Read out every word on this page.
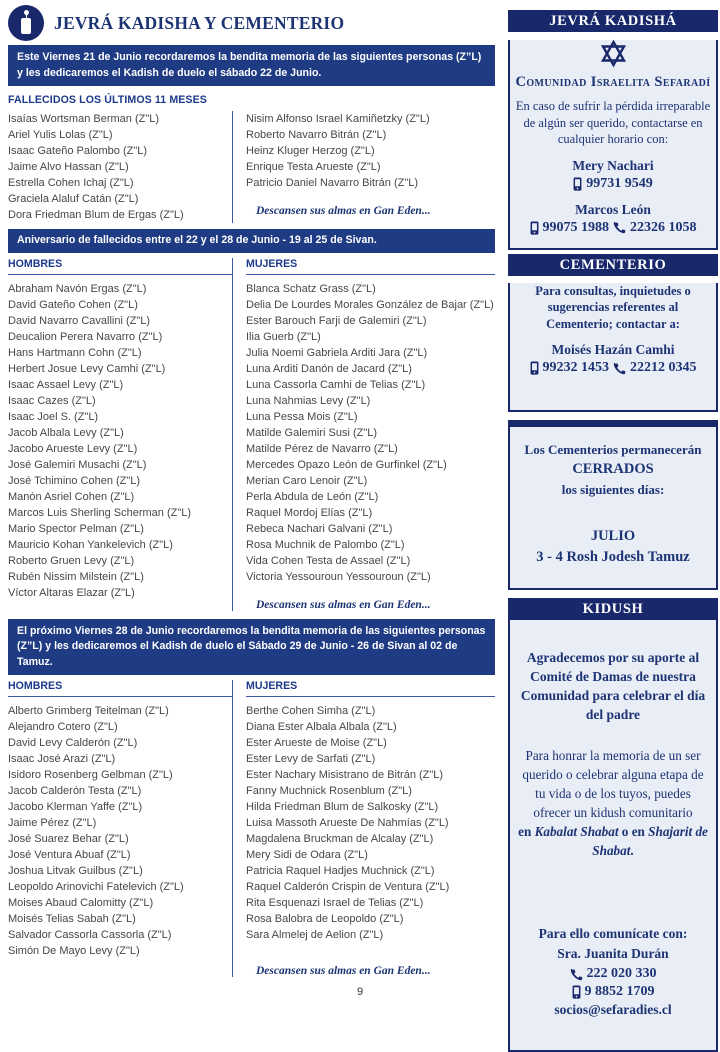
JEVRÁ KADISHA Y CEMENTERIO
Este Viernes 21 de Junio recordaremos la bendita memoria de las siguientes personas (Z”L) y les dedicaremos el Kadish de duelo el sábado 22 de Junio.
FALLECIDOS LOS ÚLTIMOS 11 MESES
Isaías Wortsman Berman (Z"L)
Ariel Yulis Lolas (Z"L)
Isaac Gateño Palombo (Z"L)
Jaime Alvo Hassan (Z"L)
Estrella Cohen Ichaj (Z"L)
Graciela Alaluf Catán (Z"L)
Dora Friedman Blum de Ergas (Z"L)
Nisim Alfonso Israel Kamiñetzky (Z"L)
Roberto Navarro Bitrán (Z"L)
Heinz Kluger Herzog (Z"L)
Enrique Testa Arueste (Z"L)
Patricio Daniel Navarro Bitrán (Z"L)
Descansen sus almas en Gan Eden...
Aniversario de fallecidos entre el 22 y el 28 de Junio - 19 al 25 de Sivan.
HOMBRES
Abraham Navón Ergas (Z"L)
David Gateño Cohen (Z"L)
David Navarro Cavallini (Z"L)
Deucalion Perera Navarro (Z"L)
Hans Hartmann Cohn (Z"L)
Herbert Josue Levy Camhi (Z"L)
Isaac Assael Levy (Z"L)
Isaac Cazes (Z"L)
Isaac Joel S. (Z"L)
Jacob Albala Levy (Z"L)
Jacobo Arueste Levy (Z"L)
José Galemiri Musachi (Z"L)
José Tchimino Cohen (Z"L)
Manón Asriel Cohen (Z"L)
Marcos Luis Sherling Scherman (Z"L)
Mario Spector Pelman (Z"L)
Mauricio Kohan Yankelevich (Z"L)
Roberto Gruen Levy (Z"L)
Rubén Nissim Milstein (Z"L)
Víctor Altaras Elazar (Z"L)
MUJERES
Blanca Schatz Grass (Z"L)
Delia De Lourdes Morales González de Bajar (Z"L)
Ester Barouch Farji de Galemiri (Z"L)
Ilia Guerb (Z"L)
Julia Noemi Gabriela Arditi Jara (Z"L)
Luna Arditi Danón de Jacard (Z"L)
Luna Cassorla Camhi de Telias (Z"L)
Luna Nahmias Levy (Z"L)
Luna Pessa Mois (Z"L)
Matilde Galemiri Susi (Z"L)
Matilde Pérez de Navarro (Z"L)
Mercedes Opazo León de Gurfinkel (Z"L)
Merian Caro Lenoir (Z"L)
Perla Abdula de León (Z"L)
Raquel Mordoj Elías (Z"L)
Rebeca Nachari Galvani (Z"L)
Rosa Muchnik de Palombo (Z"L)
Vida Cohen Testa de Assael (Z"L)
Victoria Yessouroun Yessouroun (Z"L)
Descansen sus almas en Gan Eden...
El próximo Viernes 28 de Junio recordaremos la bendita memoria de las siguientes personas (Z”L) y les dedicaremos el Kadish de duelo el Sábado 29 de Junio - 26 de Sivan al 02 de Tamuz.
HOMBRES
Alberto Grimberg Teitelman (Z"L)
Alejandro Cotero (Z"L)
David Levy Calderón (Z"L)
Isaac José Arazi (Z"L)
Isidoro Rosenberg Gelbman (Z"L)
Jacob Calderón Testa (Z"L)
Jacobo Klerman Yaffe (Z"L)
Jaime Pérez (Z"L)
José Suarez Behar (Z"L)
José Ventura Abuaf (Z"L)
Joshua Litvak Guilbus (Z"L)
Leopoldo Arinovichi Fatelevich (Z"L)
Moises Abaud Calomitty (Z"L)
Moisés Telias Sabah (Z"L)
Salvador Cassorla Cassorla (Z"L)
Simón De Mayo Levy (Z"L)
MUJERES
Berthe Cohen Simha (Z"L)
Diana Ester Albala Albala (Z"L)
Ester Arueste de Moise (Z"L)
Ester Levy de Sarfati (Z"L)
Ester Nachary Misistrano de Bitrán (Z"L)
Fanny Muchnick Rosenblum (Z"L)
Hilda Friedman Blum de Salkosky (Z"L)
Luisa Massoth Arueste De Nahmías (Z"L)
Magdalena Bruckman de Alcalay (Z"L)
Mery Sidi de Odara (Z"L)
Patricia Raquel Hadjes Muchnick (Z"L)
Raquel Calderón Crispin de Ventura (Z"L)
Rita Esquenazi Israel de Telias (Z"L)
Rosa Balobra de Leopoldo (Z"L)
Sara Almelej de Aelion (Z"L)
Descansen sus almas en Gan Eden...
JEVRÁ KADISHÁ
Comunidad Israelita Sefaradí
En caso de sufrir la pérdida irreparable de algún ser querido, contactarse en cualquier horario con:
Mery Nachari
99731 9549
Marcos León
99075 1988 22326 1058
CEMENTERIO
Para consultas, inquietudes o sugerencias referentes al Cementerio; contactar a:
Moisés Hazán Camhi
99232 1453 22212 0345
Los Cementerios permanecerán
CERRADOS
los siguientes días:
JULIO
3 - 4 Rosh Jodesh Tamuz
KIDUSH
Agradecemos por su aporte al Comité de Damas de nuestra Comunidad para celebrar el día del padre
Para honrar la memoria de un ser querido o celebrar alguna etapa de tu vida o de los tuyos, puedes ofrecer un kidush comunitario
en Kabalat Shabat o en Shajarit de Shabat.
Para ello comunícate con:
Sra. Juanita Durán
222 020 330
9 8852 1709
socios@sefaradies.cl
9
